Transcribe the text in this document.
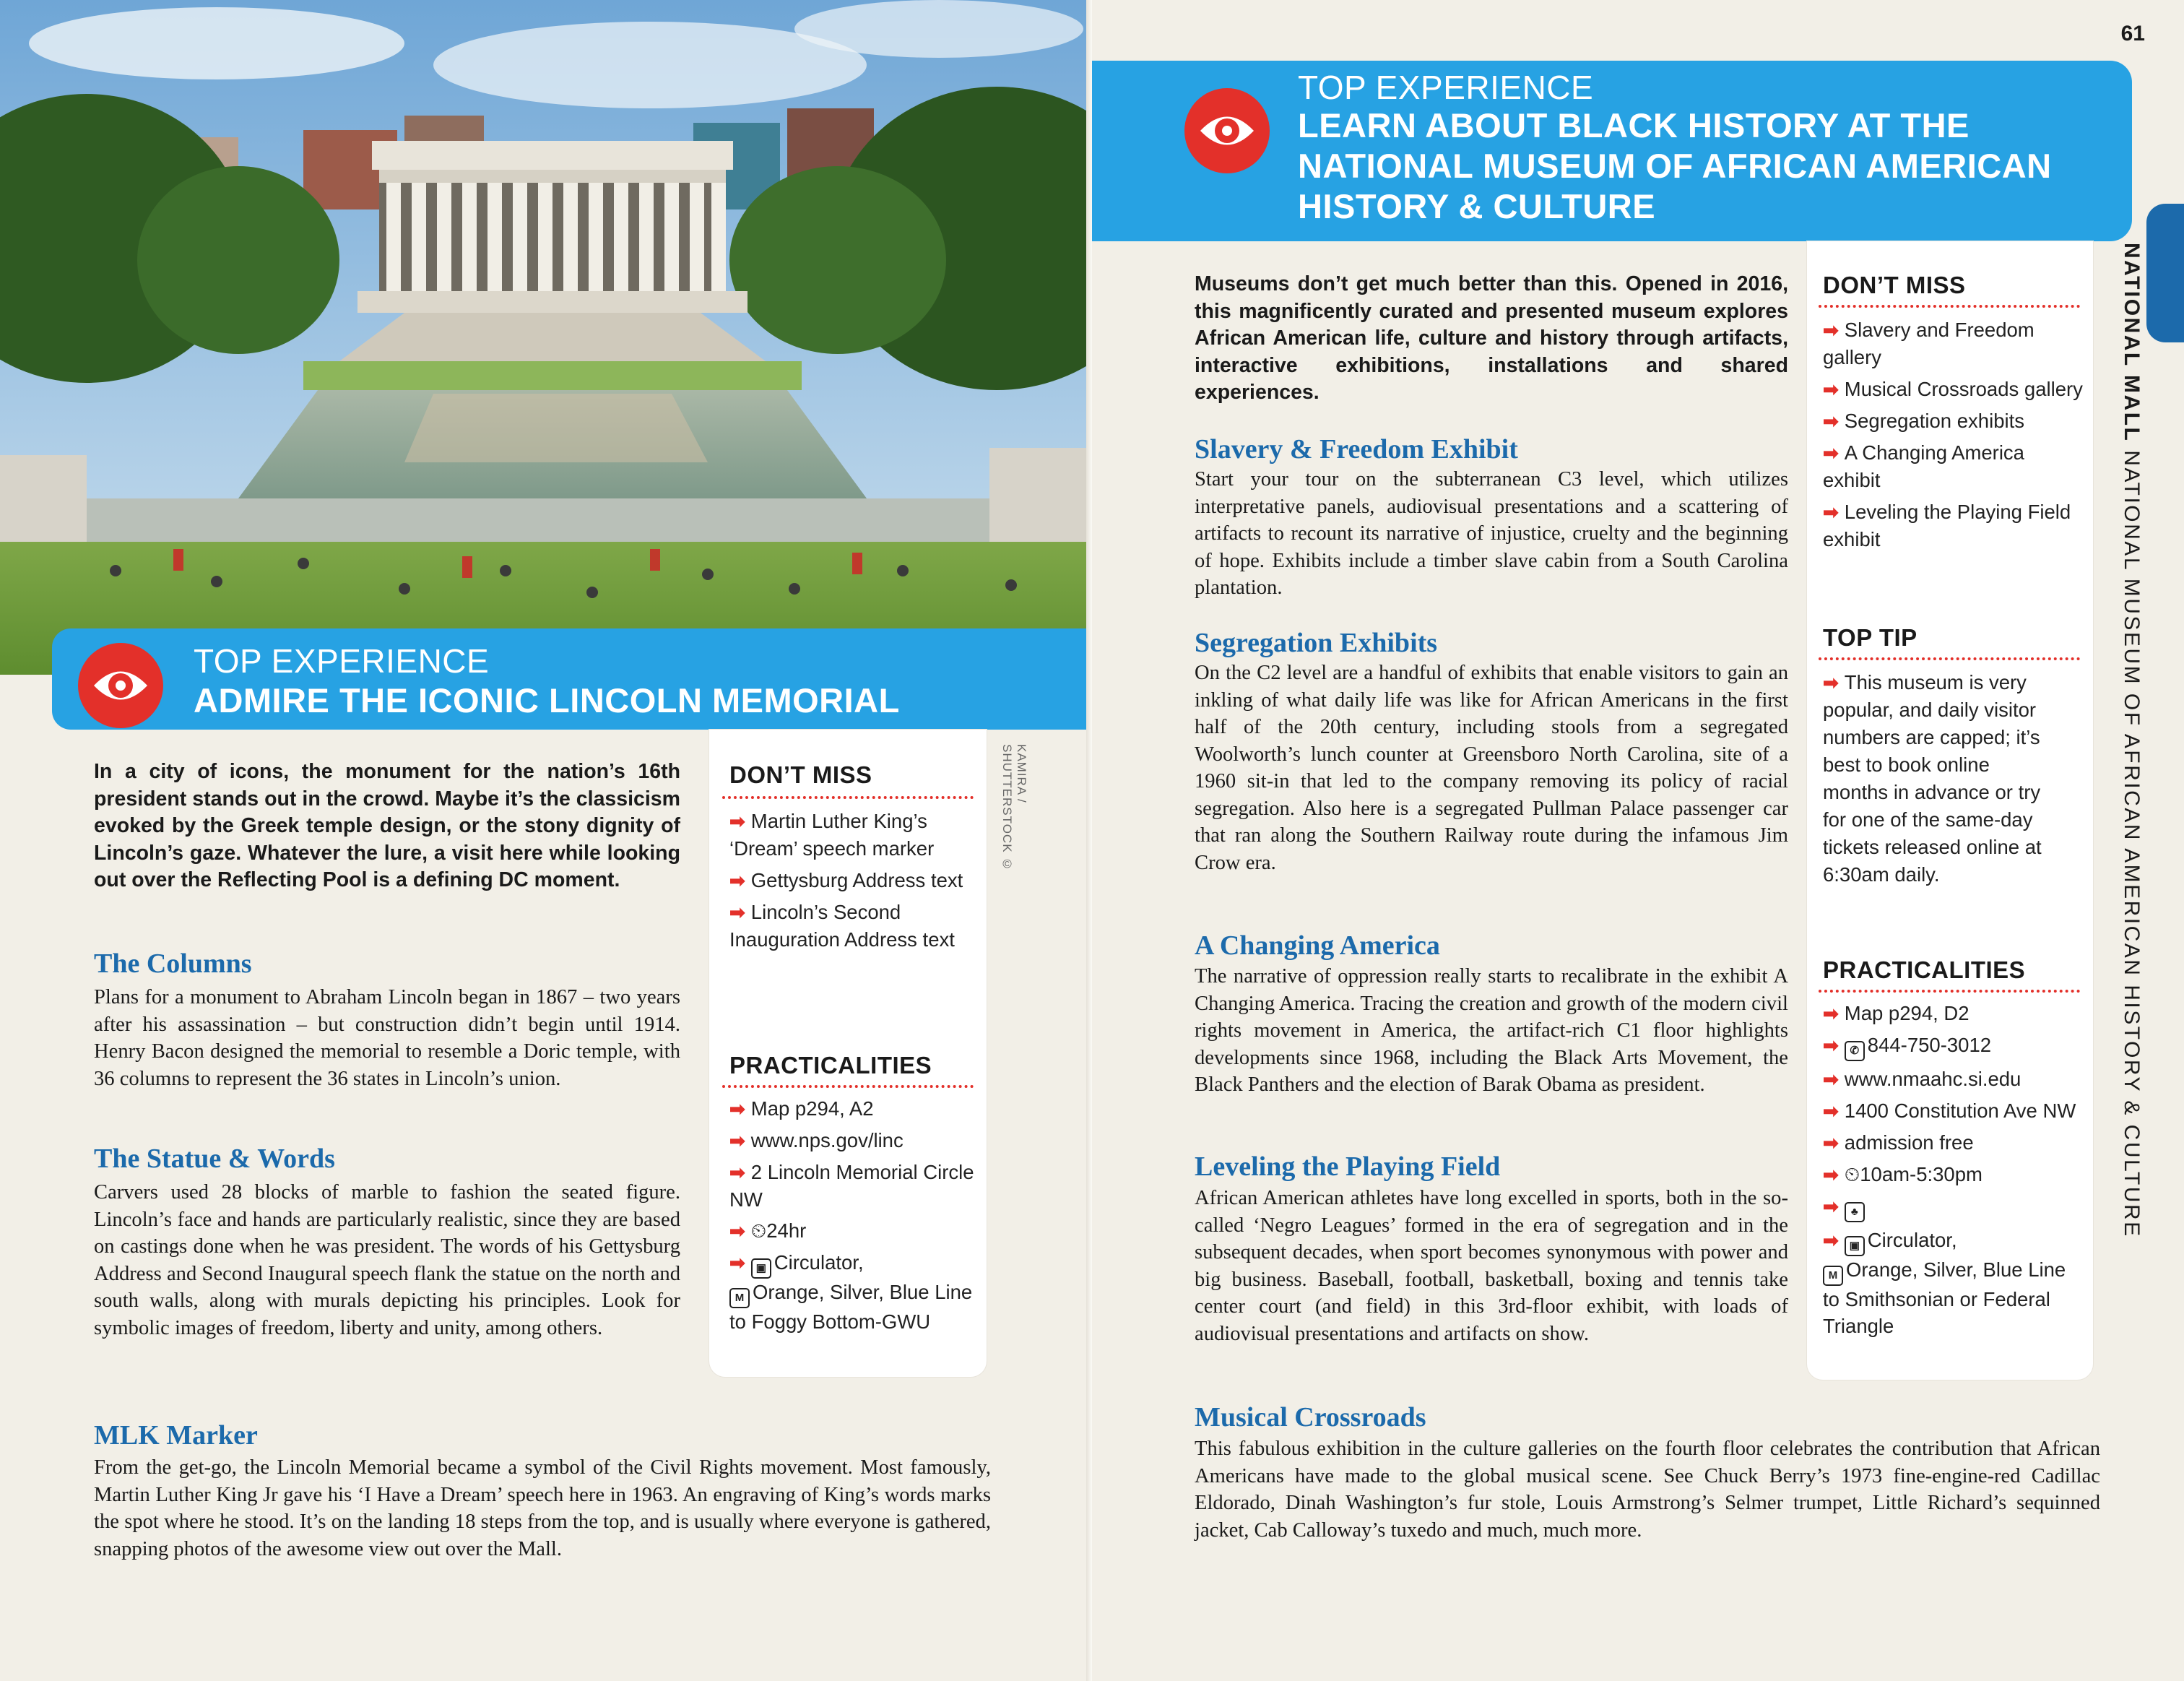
KAMIRA / SHUTTERSTOCK ©
TOP EXPERIENCE
ADMIRE THE ICONIC LINCOLN MEMORIAL
In a city of icons, the monument for the nation’s 16th president stands out in the crowd. Maybe it’s the classicism evoked by the Greek temple design, or the stony dignity of Lincoln’s gaze. Whatever the lure, a visit here while looking out over the Reflecting Pool is a defining DC moment.
The Columns
Plans for a monument to Abraham Lincoln began in 1867 – two years after his assassination – but construction didn’t begin until 1914. Henry Bacon designed the memorial to resemble a Doric temple, with 36 columns to represent the 36 states in Lincoln’s union.
The Statue & Words
Carvers used 28 blocks of marble to fashion the seated figure. Lincoln’s face and hands are particularly realistic, since they are based on castings done when he was president. The words of his Gettysburg Address and Second Inaugural speech flank the statue on the north and south walls, along with murals depicting his principles. Look for symbolic images of freedom, liberty and unity, among others.
MLK Marker
From the get-go, the Lincoln Memorial became a symbol of the Civil Rights movement. Most famously, Martin Luther King Jr gave his ‘I Have a Dream’ speech here in 1963. An engraving of King’s words marks the spot where he stood. It’s on the landing 18 steps from the top, and is usually where everyone is gathered, snapping photos of the awesome view out over the Mall.
DON’T MISS
➡ Martin Luther King’s ‘Dream’ speech marker
➡ Gettysburg Address text
➡ Lincoln’s Second Inauguration Address text
PRACTICALITIES
➡ Map p294, A2
➡ www.nps.gov/linc
➡ 2 Lincoln Memorial Circle NW
➡ ⏲24hr
➡ ▣ Circulator,
M Orange, Silver, Blue Line to Foggy Bottom-GWU
61
TOP EXPERIENCE
LEARN ABOUT BLACK HISTORY AT THE NATIONAL MUSEUM OF AFRICAN AMERICAN HISTORY & CULTURE
Museums don’t get much better than this. Opened in 2016, this magnificently curated and presented museum explores African American life, culture and history through artifacts, interactive exhibitions, installations and shared experiences.
Slavery & Freedom Exhibit
Start your tour on the subterranean C3 level, which utilizes interpretative panels, audiovisual presentations and a scattering of artifacts to recount its narrative of injustice, cruelty and the beginning of hope. Exhibits include a timber slave cabin from a South Carolina plantation.
Segregation Exhibits
On the C2 level are a handful of exhibits that enable visitors to gain an inkling of what daily life was like for African Americans in the first half of the 20th century, including stools from a segregated Woolworth’s lunch counter at Greensboro North Carolina, site of a 1960 sit-in that led to the company removing its policy of racial segregation. Also here is a segregated Pullman Palace passenger car that ran along the Southern Railway route during the infamous Jim Crow era.
A Changing America
The narrative of oppression really starts to recalibrate in the exhibit A Changing America. Tracing the creation and growth of the modern civil rights movement in America, the artifact-rich C1 floor highlights developments since 1968, including the Black Arts Movement, the Black Panthers and the election of Barak Obama as president.
Leveling the Playing Field
African American athletes have long excelled in sports, both in the so-called ‘Negro Leagues’ formed in the era of segregation and in the subsequent decades, when sport becomes synonymous with power and big business. Baseball, football, basketball, boxing and tennis take center court (and field) in this 3rd-floor exhibit, with loads of audiovisual presentations and artifacts on show.
Musical Crossroads
This fabulous exhibition in the culture galleries on the fourth floor celebrates the contribution that African Americans have made to the global musical scene. See Chuck Berry’s 1973 fine-engine-red Cadillac Eldorado, Dinah Washington’s fur stole, Louis Armstrong’s Selmer trumpet, Little Richard’s sequinned jacket, Cab Calloway’s tuxedo and much, much more.
DON’T MISS
➡ Slavery and Freedom gallery
➡ Musical Crossroads gallery
➡ Segregation exhibits
➡ A Changing America exhibit
➡ Leveling the Playing Field exhibit
TOP TIP
➡ This museum is very popular, and daily visitor numbers are capped; it’s best to book online months in advance or try for one of the same-day tickets released online at 6:30am daily.
PRACTICALITIES
➡ Map p294, D2
➡ ✆ 844-750-3012
➡ www.nmaahc.si.edu
➡ 1400 Constitution Ave NW
➡ admission free
➡ ⏲10am-5:30pm
➡ ♣
➡ ▣ Circulator,
M Orange, Silver, Blue Line to Smithsonian or Federal Triangle
NATIONAL MALL NATIONAL MUSEUM OF AFRICAN AMERICAN HISTORY & CULTURE
